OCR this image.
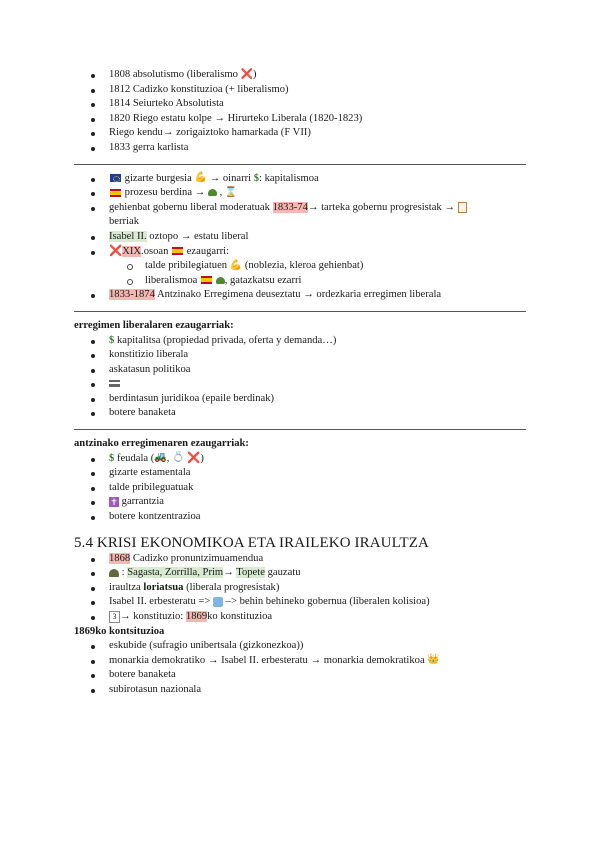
1808 absolutismo (liberalismo ❌)
1812 Cadizko konstituzioa (+ liberalismo)
1814 Seiurteko Absolutista
1820 Riego estatu kolpe → Hirurteko Liberala (1820-1823)
Riego kendu→ zorigaiztoko hamarkada (F VII)
1833 gerra karlista
gizarte burgesia 💪 → oinarri $: kapitalismoa
prozesu berdina → , ⌛
gehienbat gobernu liberal moderatuak 1833-74→ tarteka gobernu progresistak →
berriak
Isabel II. oztopo → estatu liberal
❌XIX.osoan  ezaugarri:
talde pribilegiatuen 💪 (noblezia, kleroa gehienbat)
liberalismoa	, gatazkatsu ezarri
1833-1874 Antzinako Erregimena deuseztatu → ordezkaria erregimen liberala
erregimen liberalaren ezaugarriak:
$ kapitalitsa (propiedad privada, oferta y demanda…)
konstitizio liberala
askatasun politikoa
berdintasun juridikoa (epaile berdinak)
botere banaketa
antzinako erregimenaren ezaugarriak:
$ feudala (🚜, 💍 ❌)
gizarte estamentala
talde pribileguatuak
✝ garrantzia
botere kontzentrazioa
5.4 KRISI EKONOMIKOA ETA IRAILEKO IRAULTZA
1868 Cadizko pronuntzimuamendua
: Sagasta, Zorrilla, Prim→ Topete gauzatu
iraultza loriatsua (liberala progresistak)
Isabel II. erbesteratu =>  –> behin behineko gobernua (liberalen kolisioa)
3 → konstituzio: 1869ko konstituzioa
1869ko kontsituzioa
eskubide (sufragio unibertsala (gizkonezkoa))
monarkia demokratiko → Isabel II. erbesteratu → monarkia demokratikoa 👑
botere banaketa
subirotasun nazionala
